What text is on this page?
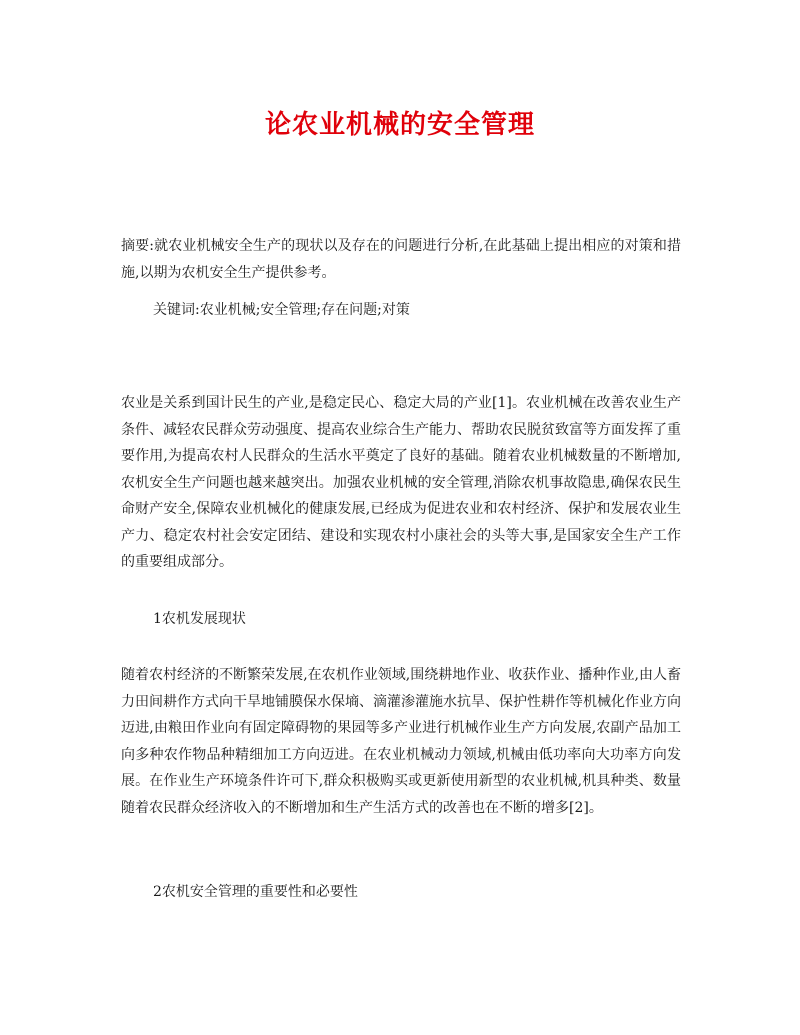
论农业机械的安全管理

摘要:就农业机械安全生产的现状以及存在的问题进行分析,在此基础上提出相应的对策和措施,以期为农机安全生产提供参考。

关键词:农业机械;安全管理;存在问题;对策

农业是关系到国计民生的产业,是稳定民心、稳定大局的产业[1]。农业机械在改善农业生产条件、减轻农民群众劳动强度、提高农业综合生产能力、帮助农民脱贫致富等方面发挥了重要作用,为提高农村人民群众的生活水平奠定了良好的基础。随着农业机械数量的不断增加,农机安全生产问题也越来越突出。加强农业机械的安全管理,消除农机事故隐患,确保农民生命财产安全,保障农业机械化的健康发展,已经成为促进农业和农村经济、保护和发展农业生产力、稳定农村社会安定团结、建设和实现农村小康社会的头等大事,是国家安全生产工作的重要组成部分。

1农机发展现状

随着农村经济的不断繁荣发展,在农机作业领域,围绕耕地作业、收获作业、播种作业,由人畜力田间耕作方式向干旱地铺膜保水保墒、滴灌渗灌施水抗旱、保护性耕作等机械化作业方向迈进,由粮田作业向有固定障碍物的果园等多产业进行机械作业生产方向发展,农副产品加工向多种农作物品种精细加工方向迈进。在农业机械动力领域,机械由低功率向大功率方向发展。在作业生产环境条件许可下,群众积极购买或更新使用新型的农业机械,机具种类、数量随着农民群众经济收入的不断增加和生产生活方式的改善也在不断的增多[2]。

2农机安全管理的重要性和必要性
